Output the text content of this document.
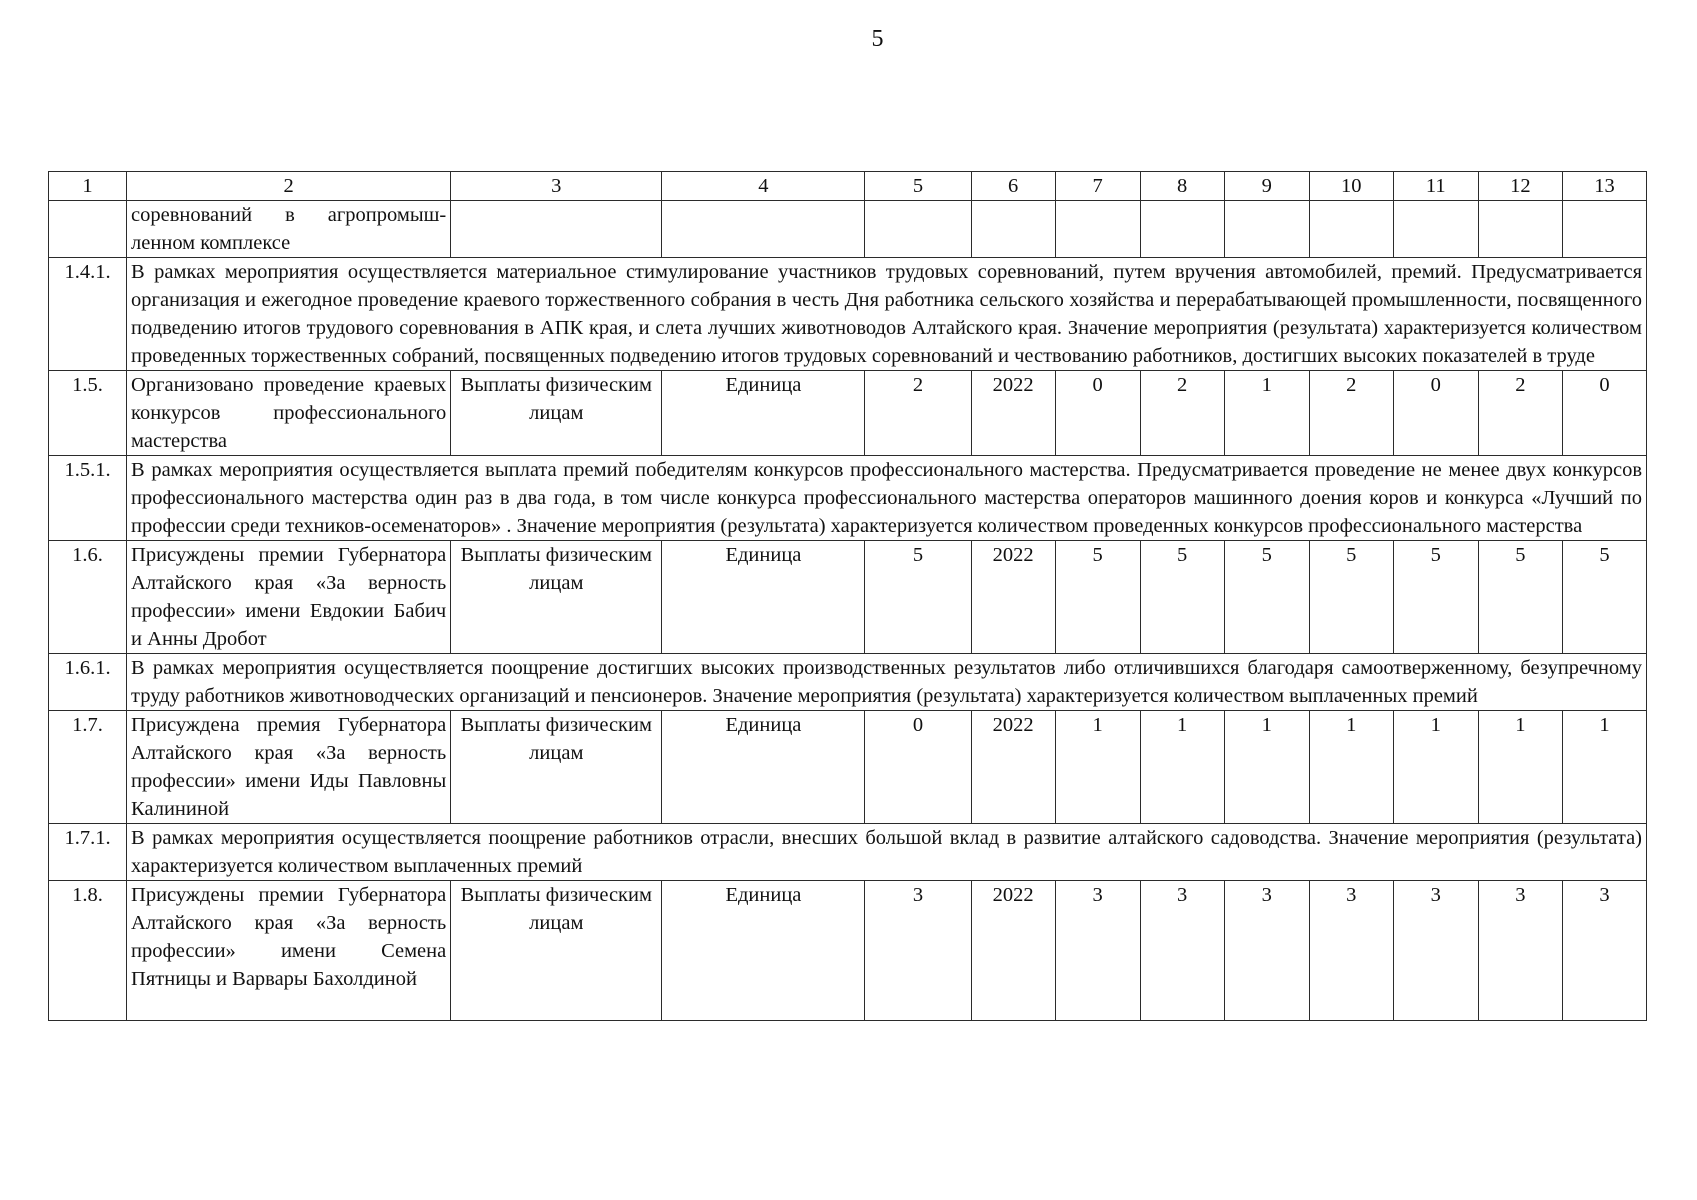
5
1	2	3	4	5	6	7	8	9	10	11	12	13
	соревнований в агропромыш-ленном комплексе											
1.4.1.	В рамках мероприятия осуществляется материальное стимулирование участников трудовых соревнований, путем вручения автомобилей, премий. Предусматривается организация и ежегодное проведение краевого торжественного собрания в честь Дня работника сельского хозяйства и перерабатывающей промышленности, посвященного подведению итогов трудового соревнования в АПК края, и слета лучших животноводов Алтайского края. Значение мероприятия (результата) характеризуется количеством проведенных торжественных собраний, посвященных подведению итогов трудовых соревнований и чествованию работников, достигших высоких показателей в труде											
1.5.	Организовано проведение краевых конкурсов профессионального мастерства	Выплаты физическим лицам	Единица	2	2022	0	2	1	2	0	2	0
1.5.1.	В рамках мероприятия осуществляется выплата премий победителям конкурсов профессионального мастерства. Предусматривается проведение не менее двух конкурсов профессионального мастерства один раз в два года, в том числе конкурса профессионального мастерства операторов машинного доения коров и конкурса «Лучший по профессии среди техников-осеменаторов» . Значение мероприятия (результата) характеризуется количеством проведенных конкурсов профессионального мастерства											
1.6.	Присуждены премии Губернатора Алтайского края «За верность профессии» имени Евдокии Бабич и Анны Дробот	Выплаты физическим лицам	Единица	5	2022	5	5	5	5	5	5	5
1.6.1.	В рамках мероприятия осуществляется поощрение достигших высоких производственных результатов либо отличившихся благодаря самоотверженному, безупречному труду работников животноводческих организаций и пенсионеров. Значение мероприятия (результата) характеризуется количеством выплаченных премий											
1.7.	Присуждена премия Губернатора Алтайского края «За верность профессии» имени Иды Павловны Калининой	Выплаты физическим лицам	Единица	0	2022	1	1	1	1	1	1	1
1.7.1.	В рамках мероприятия осуществляется поощрение работников отрасли, внесших большой вклад в развитие алтайского садоводства. Значение мероприятия (результата) характеризуется количеством выплаченных премий											
1.8.	Присуждены премии Губернатора Алтайского края «За верность профессии» имени Семена Пятницы и Варвары Бахолдиной	Выплаты физическим лицам	Единица	3	2022	3	3	3	3	3	3	3
